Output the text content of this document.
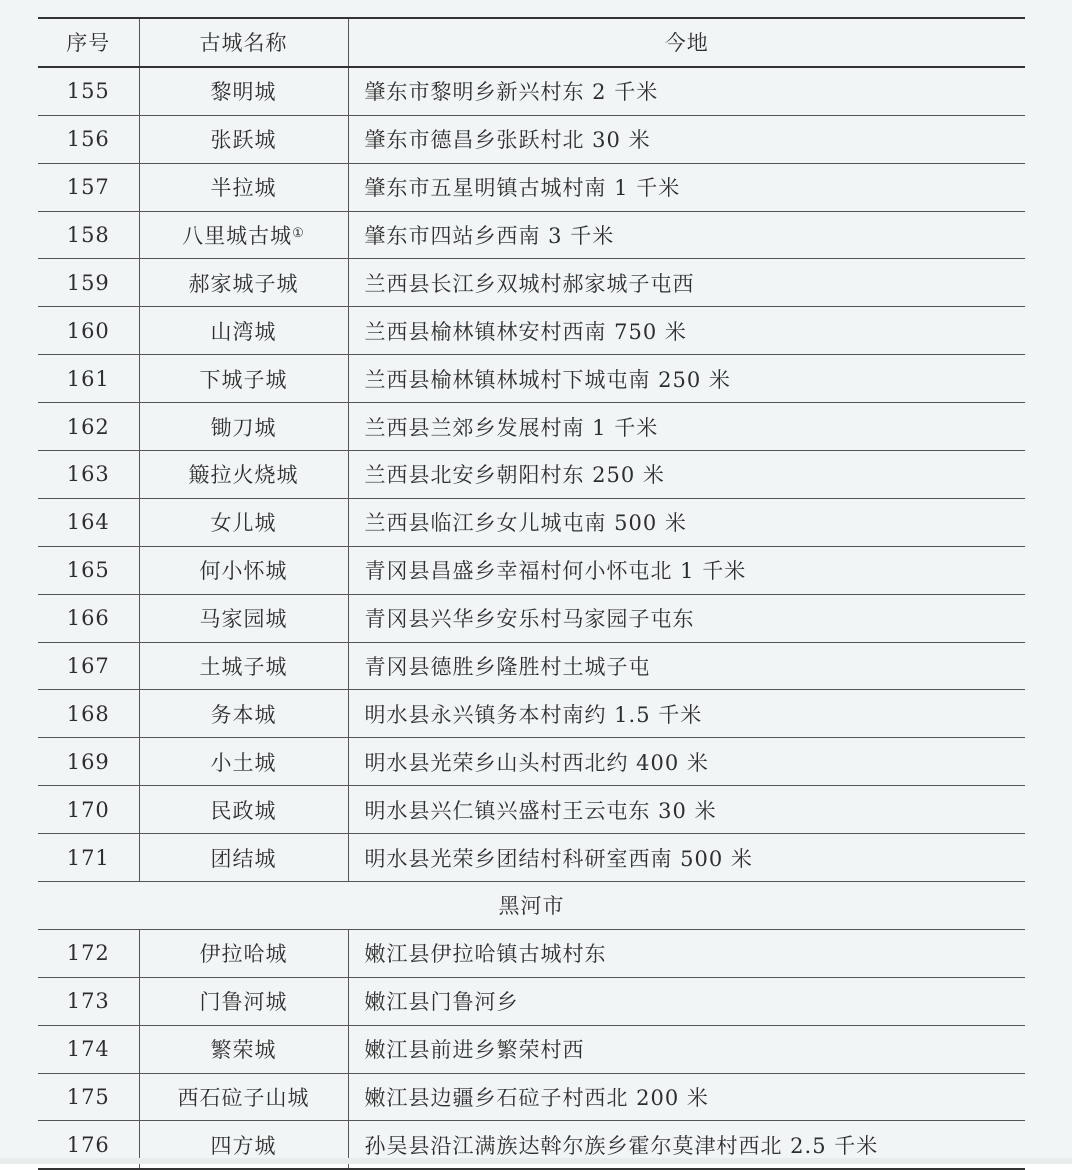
序号	古城名称	今地
155	黎明城	肇东市黎明乡新兴村东 2 千米
156	张跃城	肇东市德昌乡张跃村北 30 米
157	半拉城	肇东市五星明镇古城村南 1 千米
158	八里城古城①	肇东市四站乡西南 3 千米
159	郝家城子城	兰西县长江乡双城村郝家城子屯西
160	山湾城	兰西县榆林镇林安村西南 750 米
161	下城子城	兰西县榆林镇林城村下城屯南 250 米
162	锄刀城	兰西县兰郊乡发展村南 1 千米
163	簸拉火烧城	兰西县北安乡朝阳村东 250 米
164	女儿城	兰西县临江乡女儿城屯南 500 米
165	何小怀城	青冈县昌盛乡幸福村何小怀屯北 1 千米
166	马家园城	青冈县兴华乡安乐村马家园子屯东
167	土城子城	青冈县德胜乡隆胜村土城子屯
168	务本城	明水县永兴镇务本村南约 1.5 千米
169	小土城	明水县光荣乡山头村西北约 400 米
170	民政城	明水县兴仁镇兴盛村王云屯东 30 米
171	团结城	明水县光荣乡团结村科研室西南 500 米
黑河市		
172	伊拉哈城	嫩江县伊拉哈镇古城村东
173	门鲁河城	嫩江县门鲁河乡
174	繁荣城	嫩江县前进乡繁荣村西
175	西石砬子山城	嫩江县边疆乡石砬子村西北 200 米
176	四方城	孙吴县沿江满族达斡尔族乡霍尔莫津村西北 2.5 千米
